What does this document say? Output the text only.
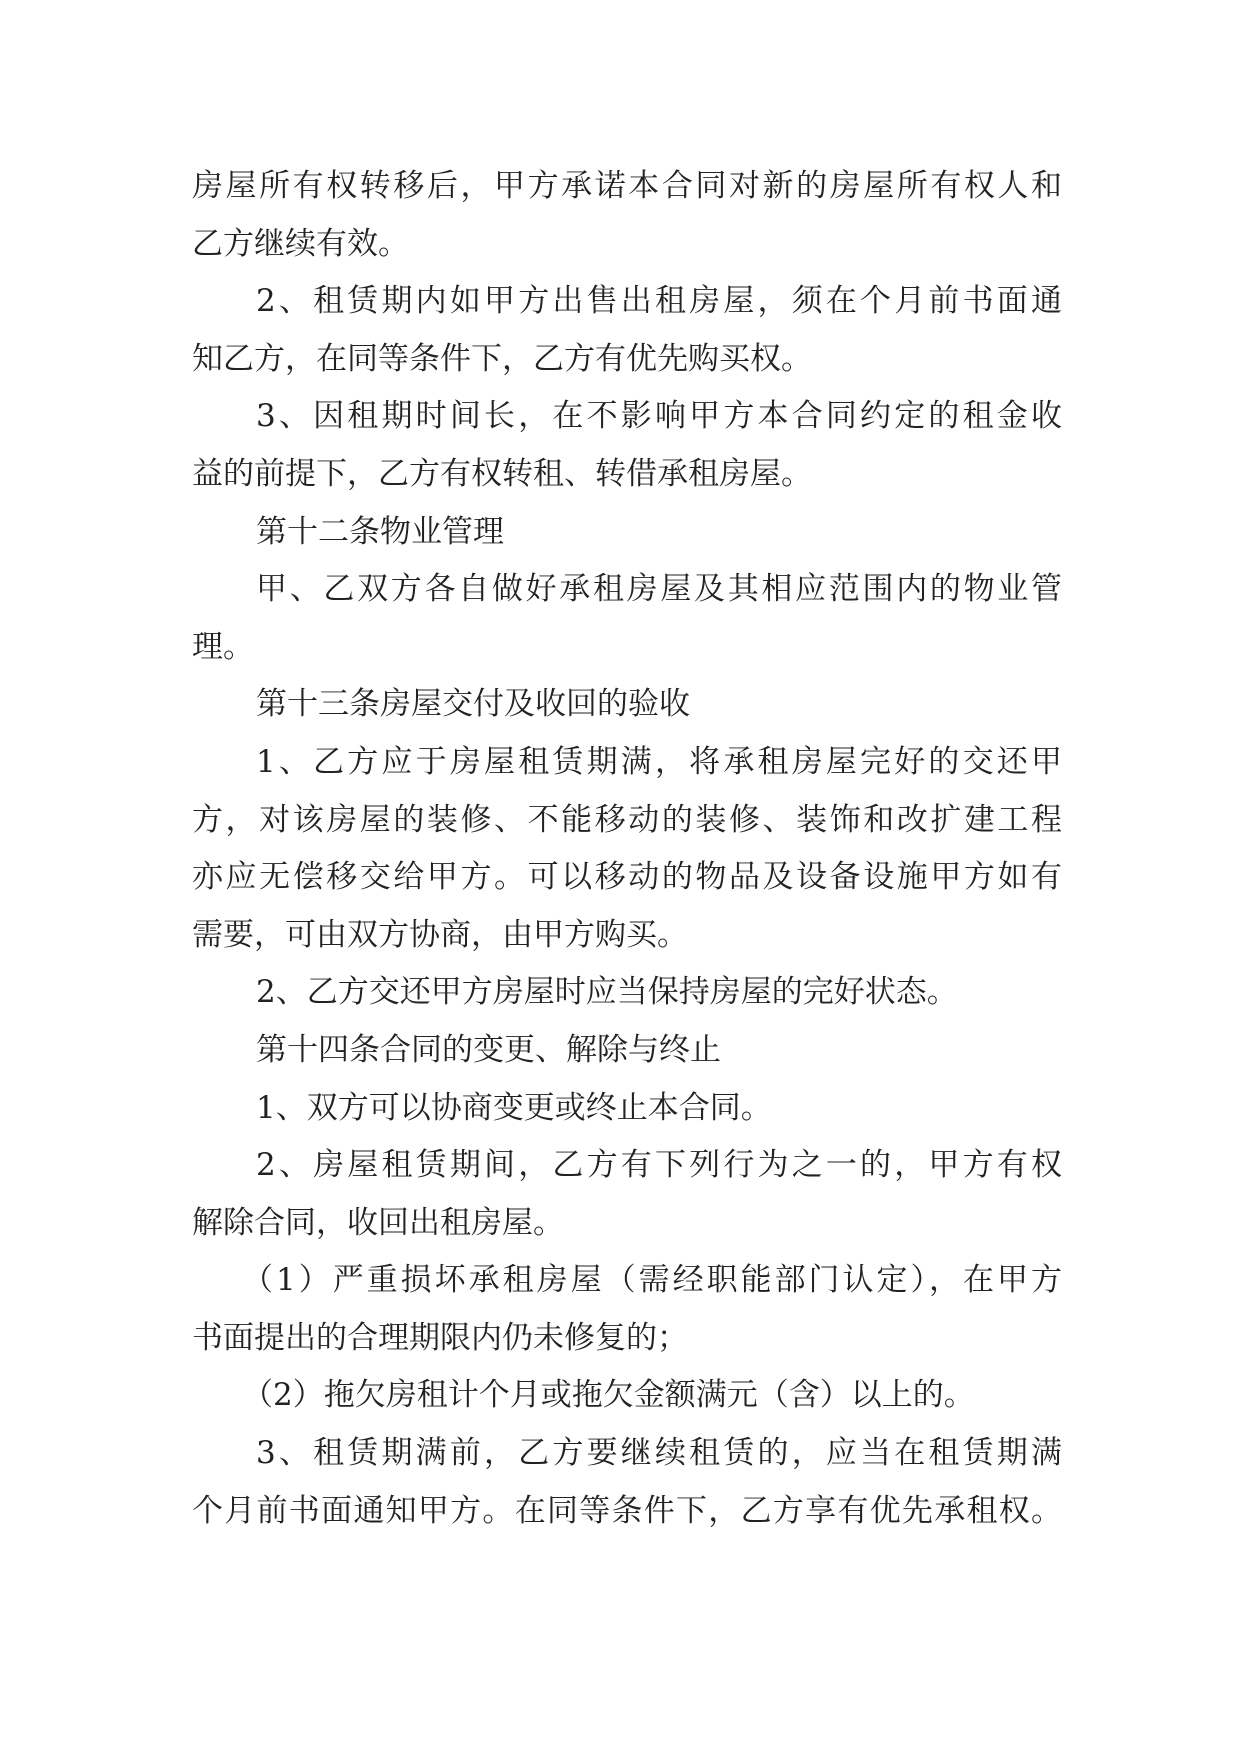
房屋所有权转移后，甲方承诺本合同对新的房屋所有权人和
乙方继续有效。
2、租赁期内如甲方出售出租房屋，须在个月前书面通
知乙方，在同等条件下，乙方有优先购买权。
3、因租期时间长，在不影响甲方本合同约定的租金收
益的前提下，乙方有权转租、转借承租房屋。
第十二条物业管理
甲、乙双方各自做好承租房屋及其相应范围内的物业管
理。
第十三条房屋交付及收回的验收
1、乙方应于房屋租赁期满，将承租房屋完好的交还甲
方，对该房屋的装修、不能移动的装修、装饰和改扩建工程
亦应无偿移交给甲方。可以移动的物品及设备设施甲方如有
需要，可由双方协商，由甲方购买。
2、乙方交还甲方房屋时应当保持房屋的完好状态。
第十四条合同的变更、解除与终止
1、双方可以协商变更或终止本合同。
2、房屋租赁期间，乙方有下列行为之一的，甲方有权
解除合同，收回出租房屋。
（1）严重损坏承租房屋（需经职能部门认定），在甲方
书面提出的合理期限内仍未修复的；
（2）拖欠房租计个月或拖欠金额满元（含）以上的。
3、租赁期满前，乙方要继续租赁的，应当在租赁期满
个月前书面通知甲方。在同等条件下，乙方享有优先承租权。
